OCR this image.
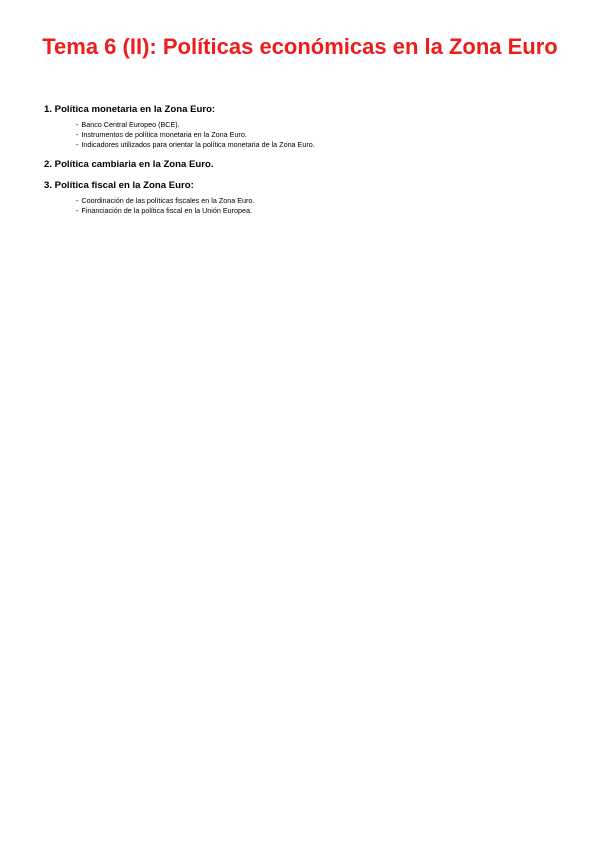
Tema 6 (II): Políticas económicas en la Zona Euro
1. Política monetaria en la Zona Euro:
- Banco Central Europeo (BCE).
- Instrumentos de política monetaria en la Zona Euro.
- Indicadores utilizados para orientar la política monetaria de la Zona Euro.
2. Política cambiaria en la Zona Euro.
3. Política fiscal en la Zona Euro:
- Coordinación de las políticas fiscales en la Zona Euro.
- Financiación de la política fiscal en la Unión Europea.
